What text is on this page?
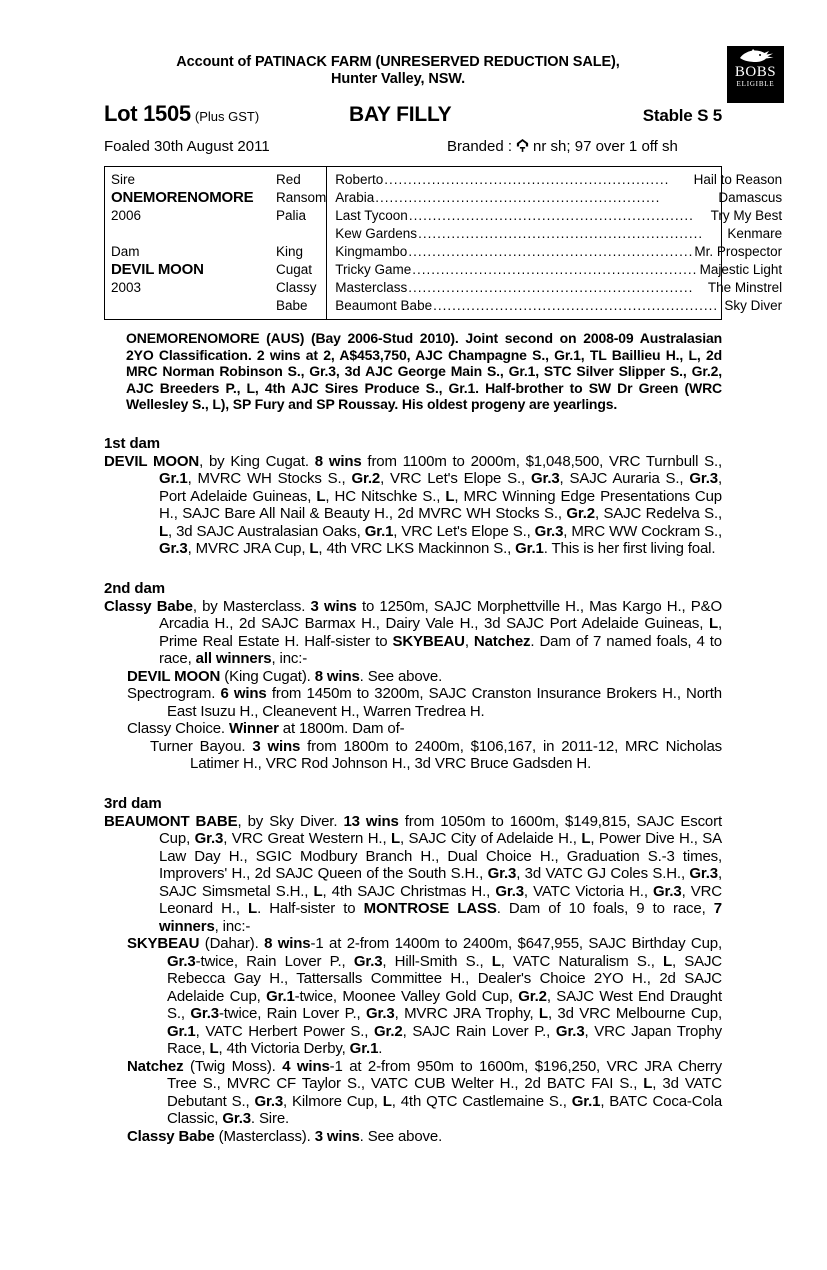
BOBS
ELIGIBLE
Account of PATINACK FARM (UNRESERVED REDUCTION SALE),
Hunter Valley, NSW.
Lot 1505 (Plus GST)	BAY FILLY	Stable S 5
Foaled 30th August 2011	Branded : nr sh; 97 over 1 off sh
Sire	Red Ransom
ONEMORENOMORE
2006	Palia
Dam	King Cugat
DEVIL MOON
2003	Classy Babe
Roberto ............................................................	Hail to Reason
Arabia ............................................................	Damascus
Last Tycoon ............................................................	Try My Best
Kew Gardens ............................................................	Kenmare
Kingmambo ............................................................ Mr. Prospector
Tricky Game ............................................................ Majestic Light
Masterclass ............................................................	The Minstrel
Beaumont Babe ............................................................ Sky Diver
ONEMORENOMORE (AUS) (Bay 2006-Stud 2010). Joint second on 2008-09 Australasian 2YO Classification. 2 wins at 2, A$453,750, AJC Champagne S., Gr.1, TL Baillieu H., L, 2d MRC Norman Robinson S., Gr.3, 3d AJC George Main S., Gr.1, STC Silver Slipper S., Gr.2, AJC Breeders P., L, 4th AJC Sires Produce S., Gr.1. Half-brother to SW Dr Green (WRC Wellesley S., L), SP Fury and SP Roussay. His oldest progeny are yearlings.
1st dam
DEVIL MOON, by King Cugat. 8 wins from 1100m to 2000m, $1,048,500, VRC Turnbull S., Gr.1, MVRC WH Stocks S., Gr.2, VRC Let's Elope S., Gr.3, SAJC Auraria S., Gr.3, Port Adelaide Guineas, L, HC Nitschke S., L, MRC Winning Edge Presentations Cup H., SAJC Bare All Nail & Beauty H., 2d MVRC WH Stocks S., Gr.2, SAJC Redelva S., L, 3d SAJC Australasian Oaks, Gr.1, VRC Let's Elope S., Gr.3, MRC WW Cockram S., Gr.3, MVRC JRA Cup, L, 4th VRC LKS Mackinnon S., Gr.1. This is her first living foal.
2nd dam
Classy Babe, by Masterclass. 3 wins to 1250m, SAJC Morphettville H., Mas Kargo H., P&O Arcadia H., 2d SAJC Barmax H., Dairy Vale H., 3d SAJC Port Adelaide Guineas, L, Prime Real Estate H. Half-sister to SKYBEAU, Natchez. Dam of 7 named foals, 4 to race, all winners, inc:-
DEVIL MOON (King Cugat). 8 wins. See above.
Spectrogram. 6 wins from 1450m to 3200m, SAJC Cranston Insurance Brokers H., North East Isuzu H., Cleanevent H., Warren Tredrea H.
Classy Choice. Winner at 1800m. Dam of-
Turner Bayou. 3 wins from 1800m to 2400m, $106,167, in 2011-12, MRC Nicholas Latimer H., VRC Rod Johnson H., 3d VRC Bruce Gadsden H.
3rd dam
BEAUMONT BABE, by Sky Diver. 13 wins from 1050m to 1600m, $149,815, SAJC Escort Cup, Gr.3, VRC Great Western H., L, SAJC City of Adelaide H., L, Power Dive H., SA Law Day H., SGIC Modbury Branch H., Dual Choice H., Graduation S.-3 times, Improvers' H., 2d SAJC Queen of the South S.H., Gr.3, 3d VATC GJ Coles S.H., Gr.3, SAJC Simsmetal S.H., L, 4th SAJC Christmas H., Gr.3, VATC Victoria H., Gr.3, VRC Leonard H., L. Half-sister to MONTROSE LASS. Dam of 10 foals, 9 to race, 7 winners, inc:-
SKYBEAU (Dahar). 8 wins-1 at 2-from 1400m to 2400m, $647,955, SAJC Birthday Cup, Gr.3-twice, Rain Lover P., Gr.3, Hill-Smith S., L, VATC Naturalism S., L, SAJC Rebecca Gay H., Tattersalls Committee H., Dealer's Choice 2YO H., 2d SAJC Adelaide Cup, Gr.1-twice, Moonee Valley Gold Cup, Gr.2, SAJC West End Draught S., Gr.3-twice, Rain Lover P., Gr.3, MVRC JRA Trophy, L, 3d VRC Melbourne Cup, Gr.1, VATC Herbert Power S., Gr.2, SAJC Rain Lover P., Gr.3, VRC Japan Trophy Race, L, 4th Victoria Derby, Gr.1.
Natchez (Twig Moss). 4 wins-1 at 2-from 950m to 1600m, $196,250, VRC JRA Cherry Tree S., MVRC CF Taylor S., VATC CUB Welter H., 2d BATC FAI S., L, 3d VATC Debutant S., Gr.3, Kilmore Cup, L, 4th QTC Castlemaine S., Gr.1, BATC Coca-Cola Classic, Gr.3. Sire.
Classy Babe (Masterclass). 3 wins. See above.
